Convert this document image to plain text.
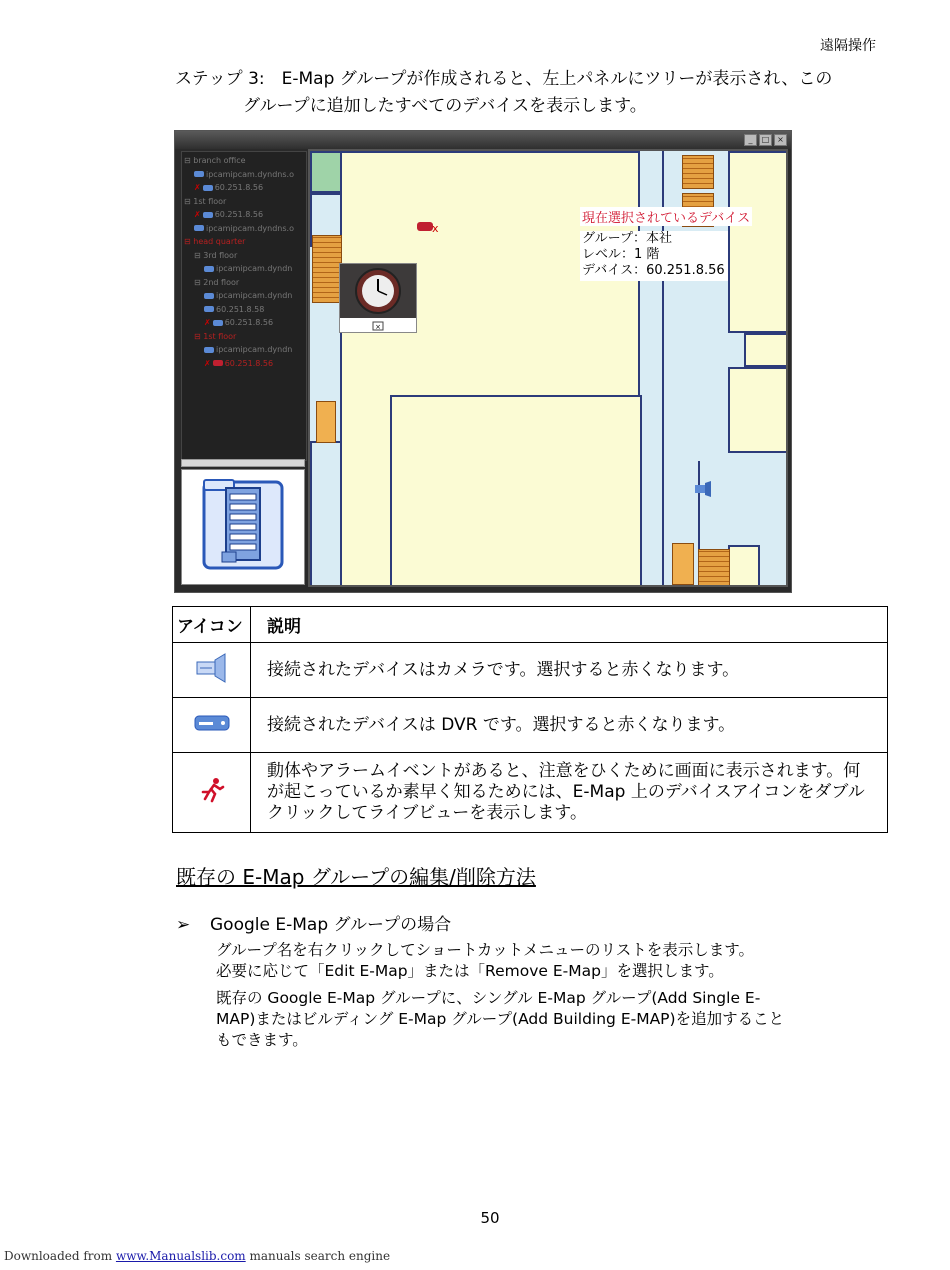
遠隔操作
ステップ 3:　E-Map グループが作成されると、左上パネルにツリーが表示され、この
グループに追加したすべてのデバイスを表示します。
_	□ ×
⊟ branch office
ipcamipcam.dyndns.o
✗ 60.251.8.56
⊟ 1st floor
✗ 60.251.8.56
ipcamipcam.dyndns.o
⊟ head quarter
⊟ 3rd floor
ipcamipcam.dyndn
⊟ 2nd floor
ipcamipcam.dyndn
60.251.8.58
✗ 60.251.8.56
⊟ 1st floor
ipcamipcam.dyndn
✗ 60.251.8.56
×
ⅹ
現在選択されているデバイス
グループ：本社
レベル：1 階
デバイス：60.251.8.56
アイコン	説明
	接続されたデバイスはカメラです。選択すると赤くなります。
	接続されたデバイスは DVR です。選択すると赤くなります。
	動体やアラームイベントがあると、注意をひくために画面に表示されます。何が起こっているか素早く知るためには、E-Map 上のデバイスアイコンをダブルクリックしてライブビューを表示します。
既存の E-Map グループの編集/削除方法
➢ Google E-Map グループの場合
グループ名を右クリックしてショートカットメニューのリストを表示します。
必要に応じて「Edit E-Map」または「Remove E-Map」を選択します。
既存の Google E-Map グループに、シングル E-Map グループ(Add Single E-MAP)またはビルディング E-Map グループ(Add Building E-MAP)を追加することもできます。
50
Downloaded from www.Manualslib.com manuals search engine
